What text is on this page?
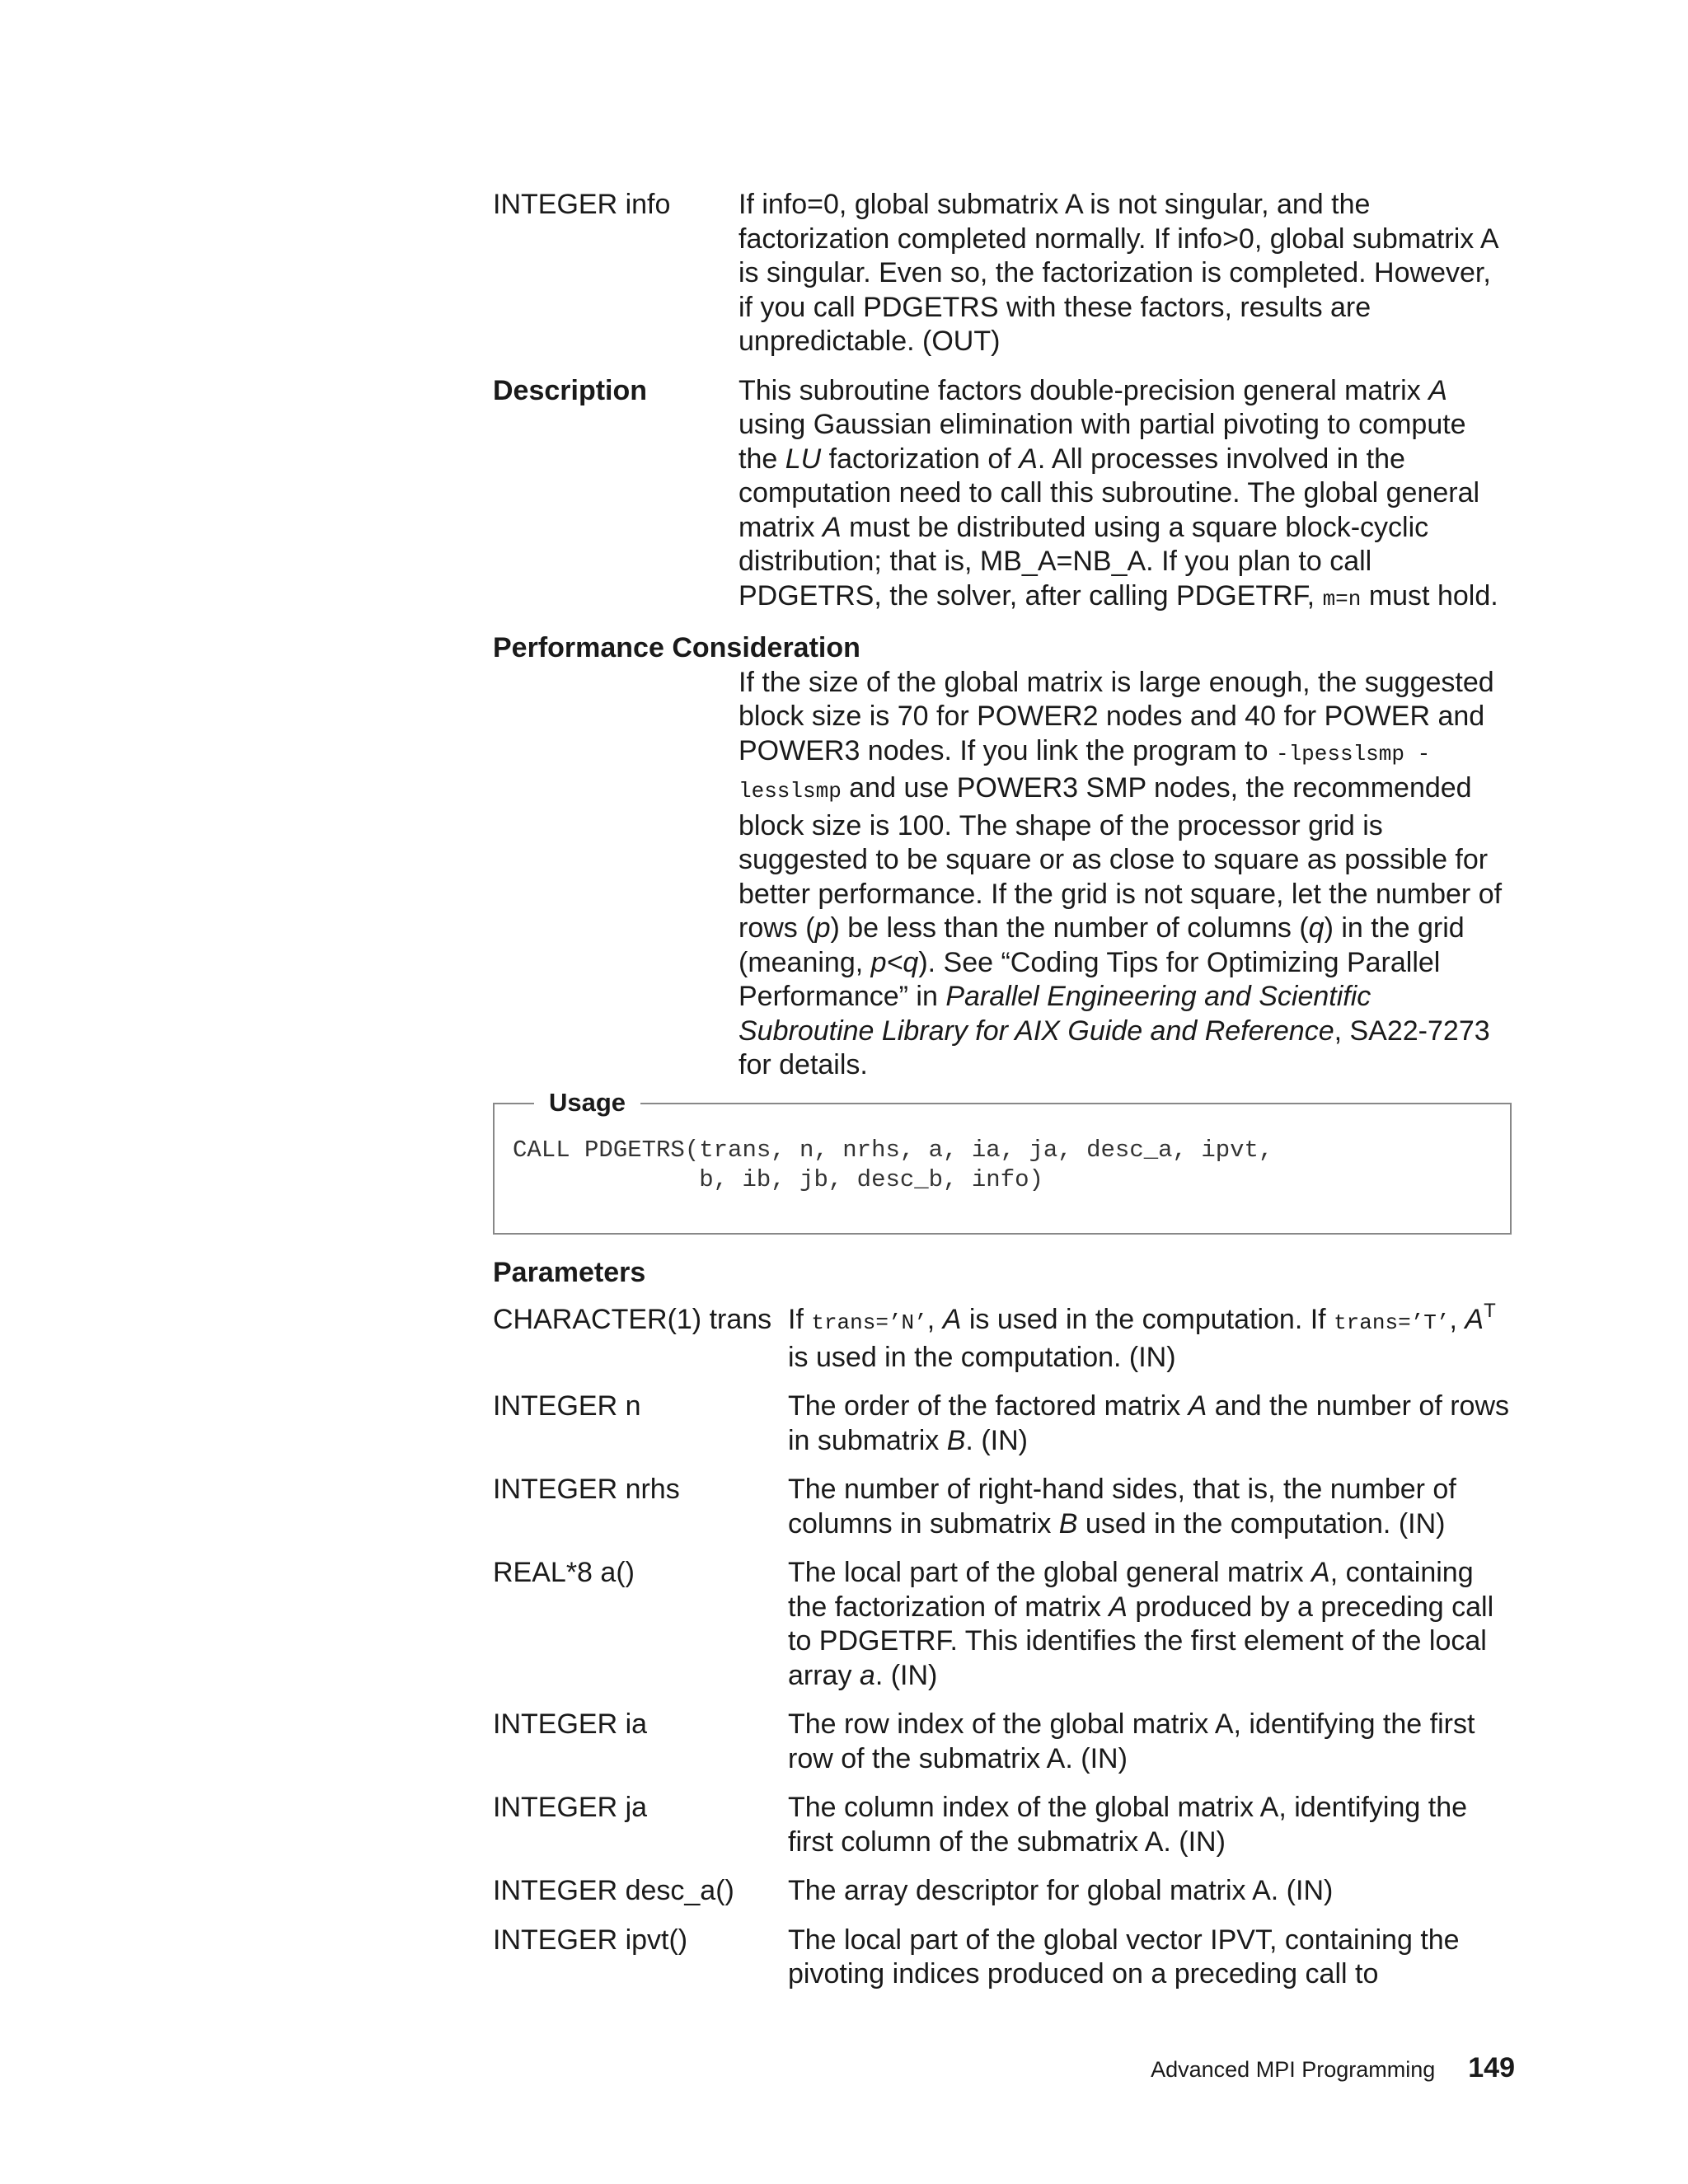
INTEGER info If info=0, global submatrix A is not singular, and the factorization completed normally. If info>0, global submatrix A is singular. Even so, the factorization is completed. However, if you call PDGETRS with these factors, results are unpredictable. (OUT)
Description	This subroutine factors double-precision general matrix A using Gaussian elimination with partial pivoting to compute the LU factorization of A. All processes involved in the computation need to call this subroutine. The global general matrix A must be distributed using a square block-cyclic distribution; that is, MB_A=NB_A. If you plan to call PDGETRS, the solver, after calling PDGETRF, m=n must hold.
Performance Consideration
If the size of the global matrix is large enough, the suggested block size is 70 for POWER2 nodes and 40 for POWER and POWER3 nodes. If you link the program to -lpesslsmp -lesslsmp and use POWER3 SMP nodes, the recommended block size is 100. The shape of the processor grid is suggested to be square or as close to square as possible for better performance. If the grid is not square, let the number of rows (p) be less than the number of columns (q) in the grid (meaning, p<q). See “Coding Tips for Optimizing Parallel Performance” in Parallel Engineering and Scientific Subroutine Library for AIX Guide and Reference, SA22-7273 for details.
Usage
CALL PDGETRS(trans, n, nrhs, a, ia, ja, desc_a, ipvt,
b, ib, jb, desc_b, info)
Parameters
CHARACTER(1) trans If trans=’N’, A is used in the computation. If trans=’T’, $A^T$ is used in the computation. (IN)
INTEGER n	The order of the factored matrix A and the number of rows in submatrix B. (IN)
INTEGER nrhs	The number of right-hand sides, that is, the number of columns in submatrix B used in the computation. (IN)
REAL*8 a()	The local part of the global general matrix A, containing the factorization of matrix A produced by a preceding call to PDGETRF. This identifies the first element of the local array a. (IN)
INTEGER ia	The row index of the global matrix A, identifying the first row of the submatrix A. (IN)
INTEGER ja	The column index of the global matrix A, identifying the first column of the submatrix A. (IN)
INTEGER desc_a() The array descriptor for global matrix A. (IN)
INTEGER ipvt()	The local part of the global vector IPVT, containing the pivoting indices produced on a preceding call to
Advanced MPI Programming 149
